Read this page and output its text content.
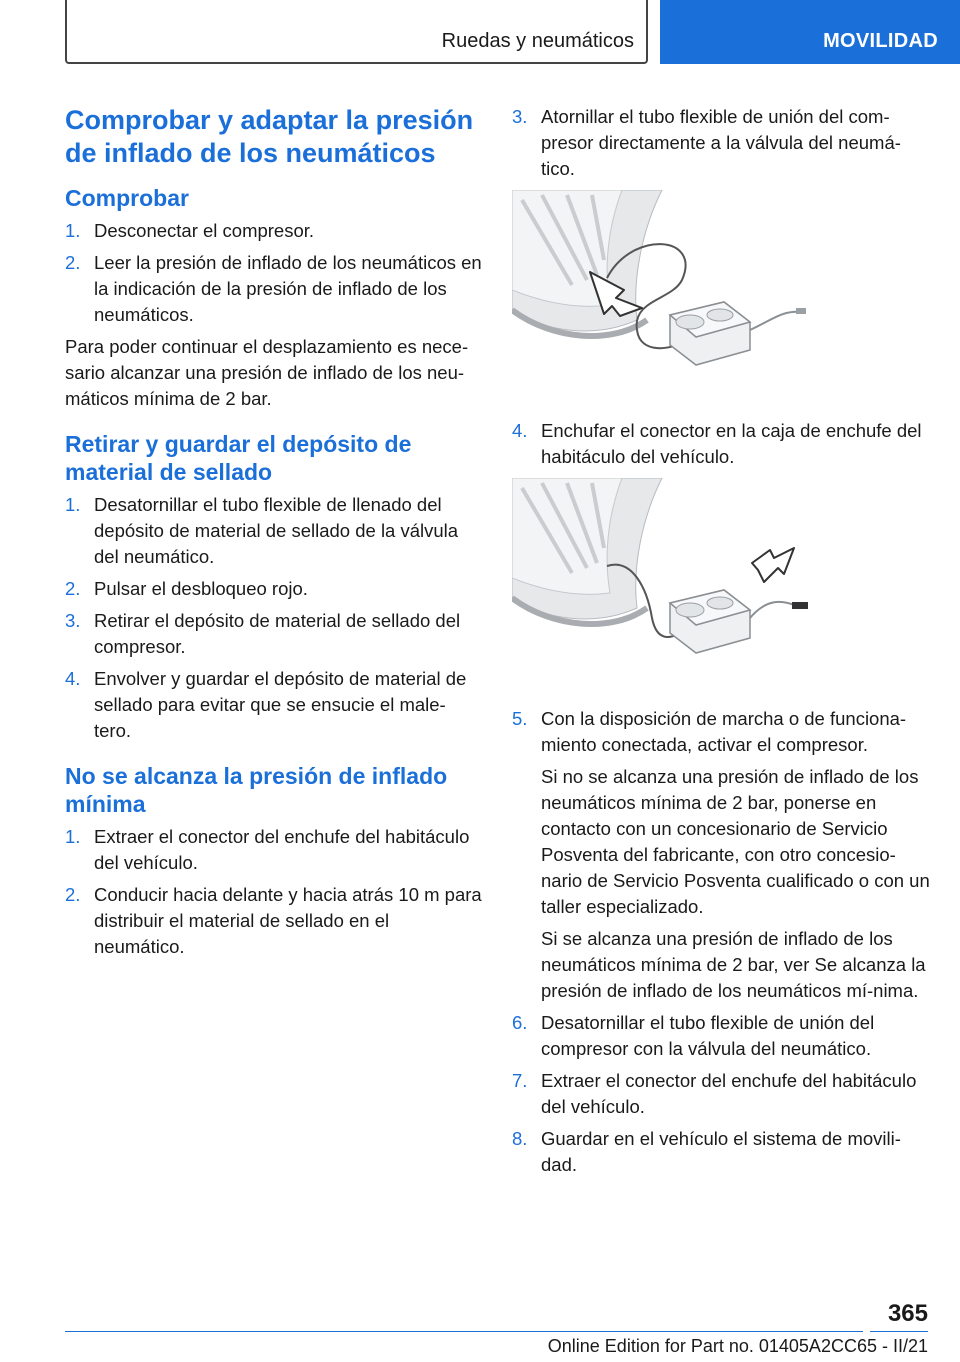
Ruedas y neumáticos	MOVILIDAD
Comprobar y adaptar la presión de inflado de los neumáticos
Comprobar
1. Desconectar el compresor.

2. Leer la presión de inflado de los neumáticos en la indicación de la presión de inflado de los neumáticos.

Para poder continuar el desplazamiento es nece‐sario alcanzar una presión de inflado de los neu‐máticos mínima de 2 bar.

Retirar y guardar el depósito de material de sellado
1. Desatornillar el tubo flexible de llenado del depósito de material de sellado de la válvula del neumático.

2. Pulsar el desbloqueo rojo.

3. Retirar el depósito de material de sellado del compresor.

4. Envolver y guardar el depósito de material de sellado para evitar que se ensucie el male‐tero.

No se alcanza la presión de inflado mínima
1. Extraer el conector del enchufe del habitáculo del vehículo.

2. Conducir hacia delante y hacia atrás 10 m para distribuir el material de sellado en el neumático.

3. Atornillar el tubo flexible de unión del com‐presor directamente a la válvula del neumá‐tico.

4. Enchufar el conector en la caja de enchufe del habitáculo del vehículo.

5. Con la disposición de marcha o de funciona‐miento conectada, activar el compresor.

Si no se alcanza una presión de inflado de los neumáticos mínima de 2 bar, ponerse en contacto con un concesionario de Servicio Posventa del fabricante, con otro concesio‐nario de Servicio Posventa cualificado o con un taller especializado.

Si se alcanza una presión de inflado de los neumáticos mínima de 2 bar, ver Se alcanza la presión de inflado de los neumáticos mí‐nima.

6. Desatornillar el tubo flexible de unión del compresor con la válvula del neumático.

7. Extraer el conector del enchufe del habitáculo del vehículo.

8. Guardar en el vehículo el sistema de movili‐dad.

365
Online Edition for Part no. 01405A2CC65 - II/21
